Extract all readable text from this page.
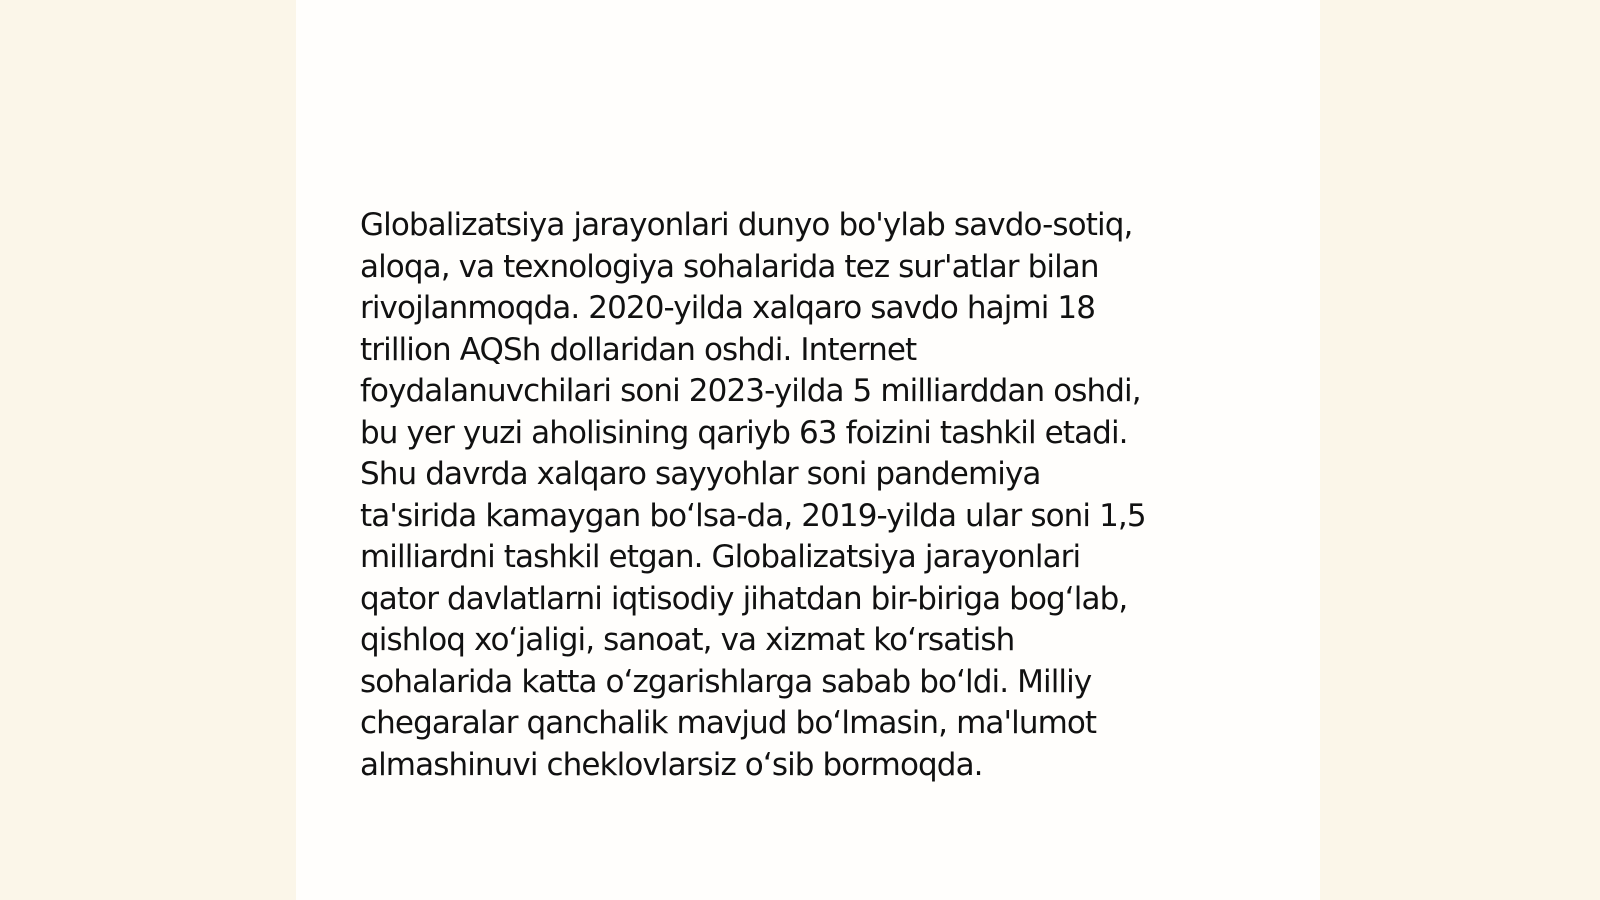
Globalizatsiya jarayonlari dunyo bo'ylab savdo-sotiq,
aloqa, va texnologiya sohalarida tez sur'atlar bilan
rivojlanmoqda. 2020-yilda xalqaro savdo hajmi 18
trillion AQSh dollaridan oshdi. Internet
foydalanuvchilari soni 2023-yilda 5 milliarddan oshdi,
bu yer yuzi aholisining qariyb 63 foizini tashkil etadi.
Shu davrda xalqaro sayyohlar soni pandemiya
ta'sirida kamaygan boʻlsa-da, 2019-yilda ular soni 1,5
milliardni tashkil etgan. Globalizatsiya jarayonlari
qator davlatlarni iqtisodiy jihatdan bir-biriga bogʻlab,
qishloq xoʻjaligi, sanoat, va xizmat koʻrsatish
sohalarida katta oʻzgarishlarga sabab boʻldi. Milliy
chegaralar qanchalik mavjud boʻlmasin, ma'lumot
almashinuvi cheklovlarsiz oʻsib bormoqda.
